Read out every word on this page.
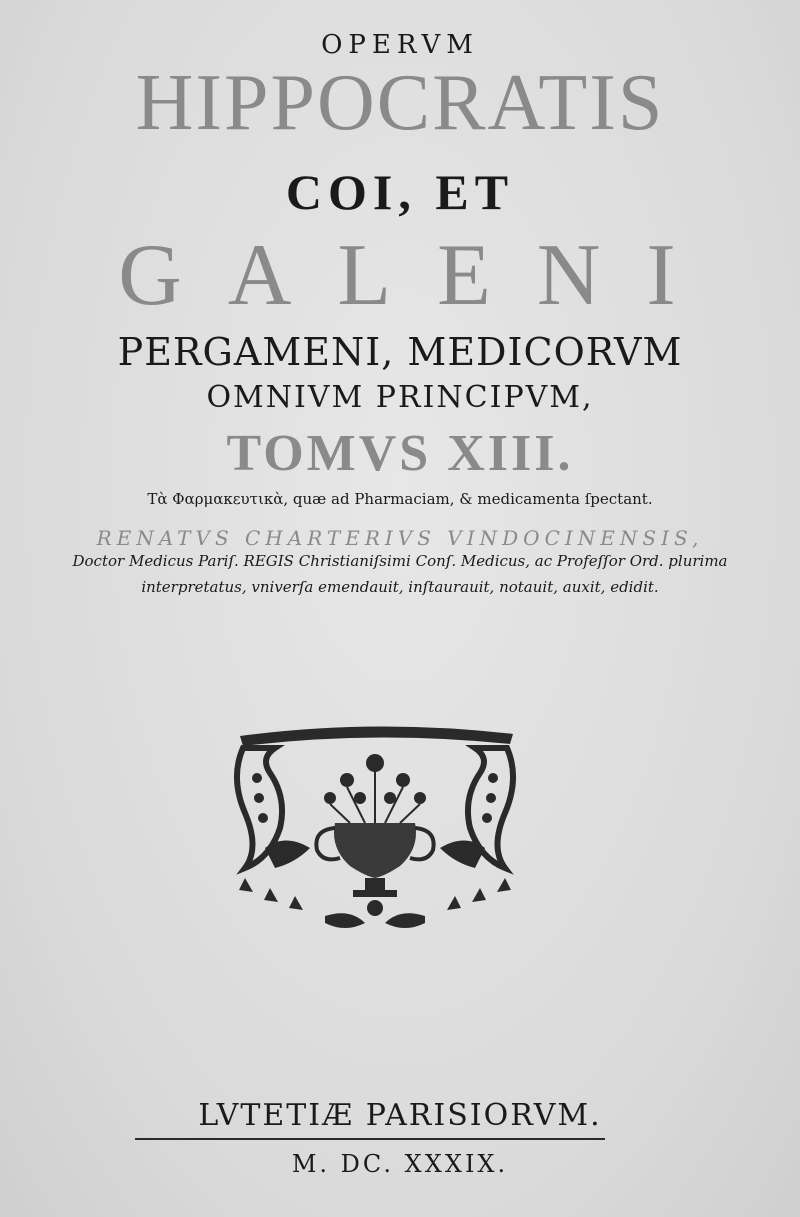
OPERVM
HIPPOCRATIS
COI, ET
GALENI
PERGAMENI, MEDICORVM
OMNIVM PRINCIPVM,
TOMVS XIII.
Τὰ Φαρμακευτικὰ, quæ ad Pharmaciam, & medicamenta ſpectant.
RENATVS CHARTERIVS VINDOCINENSIS,
Doctor Medicus Pariſ. REGIS Christianiſsimi Conſ. Medicus, ac Profeſſor Ord. plurima
interpretatus, vniverſa emendauit, inſtaurauit, notauit, auxit, edidit.
LVTETIÆ PARISIORVM.
M. DC. XXXIX.
